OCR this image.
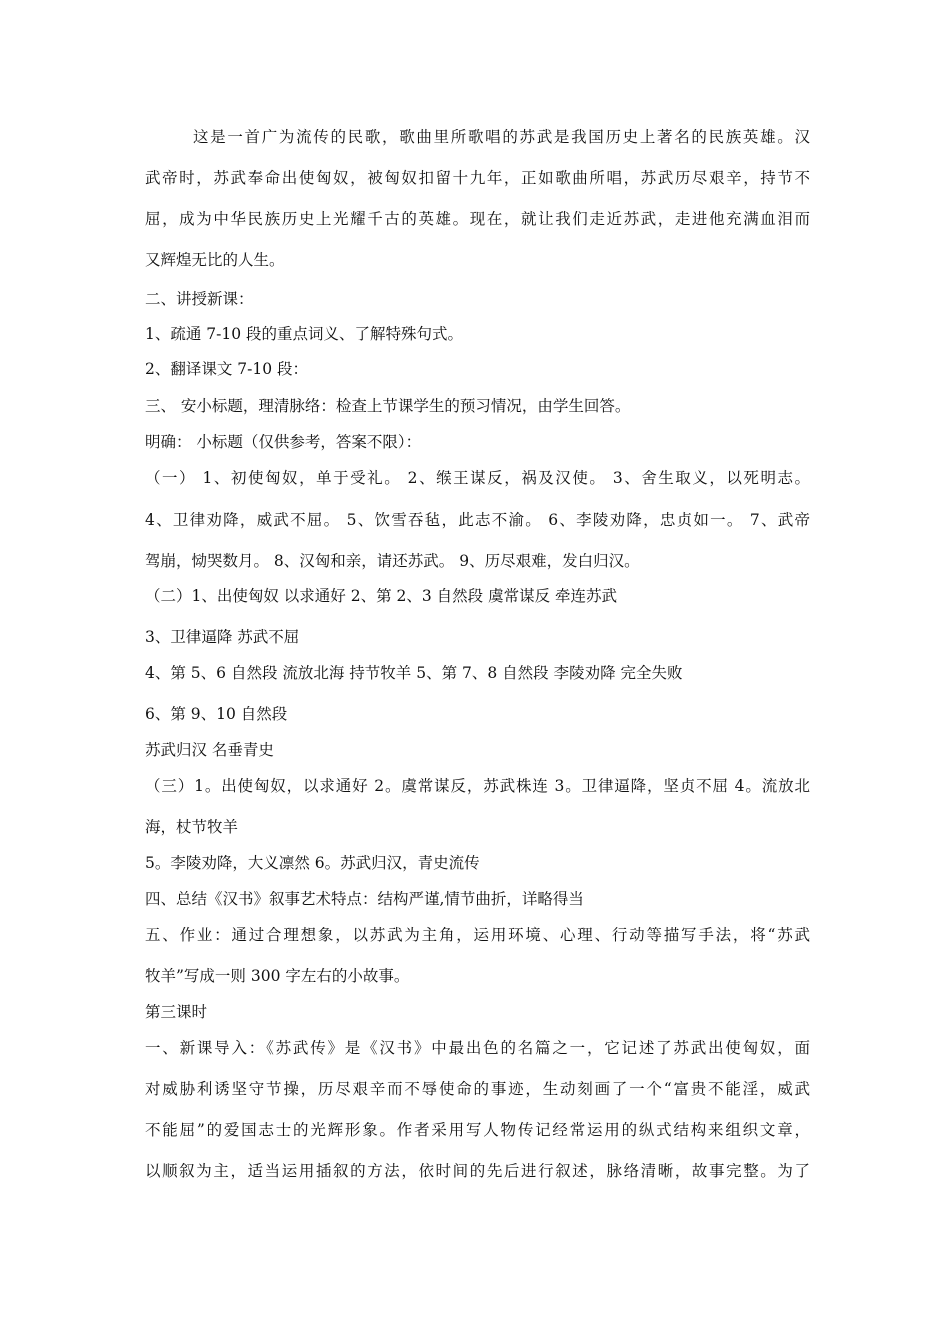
这是一首广为流传的民歌，歌曲里所歌唱的苏武是我国历史上著名的民族英雄。汉
武帝时，苏武奉命出使匈奴，被匈奴扣留十九年，正如歌曲所唱，苏武历尽艰辛，持节不
屈，成为中华民族历史上光耀千古的英雄。现在，就让我们走近苏武，走进他充满血泪而
又辉煌无比的人生。
二、讲授新课：
1、疏通 7-10 段的重点词义、了解特殊句式。
2、翻译课文 7-10 段：
三、 安小标题，理清脉络：检查上节课学生的预习情况，由学生回答。
明确： 小标题（仅供参考，答案不限）：
（一） 1、初使匈奴，单于受礼。 2、缑王谋反，祸及汉使。 3、舍生取义，以死明志。
4、卫律劝降，威武不屈。 5、饮雪吞毡，此志不渝。 6、李陵劝降，忠贞如一。 7、武帝
驾崩，恸哭数月。 8、汉匈和亲，请还苏武。 9、历尽艰难，发白归汉。
（二）1、出使匈奴 以求通好 2、第 2、3 自然段 虞常谋反 牵连苏武
3、卫律逼降 苏武不屈
4、第 5、6 自然段 流放北海 持节牧羊 5、第 7、8 自然段 李陵劝降 完全失败
6、第 9、10 自然段
苏武归汉 名垂青史
（三）1。出使匈奴，以求通好 2。虞常谋反，苏武株连 3。卫律逼降，坚贞不屈 4。流放北
海，杖节牧羊
5。李陵劝降，大义凛然 6。苏武归汉，青史流传
四、总结《汉书》叙事艺术特点：结构严谨,情节曲折，详略得当
五、作业：通过合理想象，以苏武为主角，运用环境、心理、行动等描写手法，将“苏武
牧羊”写成一则 300 字左右的小故事。
第三课时
一、新课导入：《苏武传》是《汉书》中最出色的名篇之一，它记述了苏武出使匈奴，面
对威胁利诱坚守节操，历尽艰辛而不辱使命的事迹，生动刻画了一个“富贵不能淫，威武
不能屈”的爱国志士的光辉形象。作者采用写人物传记经常运用的纵式结构来组织文章，
以顺叙为主，适当运用插叙的方法，依时间的先后进行叙述，脉络清晰，故事完整。为了
